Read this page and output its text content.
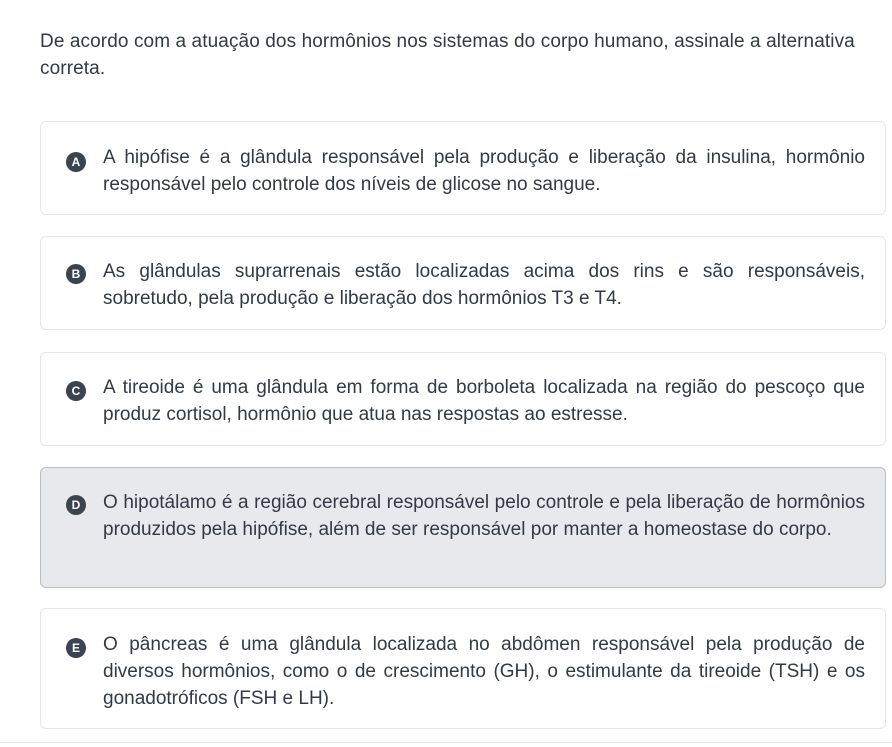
De acordo com a atuação dos hormônios nos sistemas do corpo humano, assinale a alternativa correta.

A A hipófise é a glândula responsável pela produção e liberação da insulina, hormônio responsável pelo controle dos níveis de glicose no sangue.
B As glândulas suprarrenais estão localizadas acima dos rins e são responsáveis, sobretudo, pela produção e liberação dos hormônios T3 e T4.
C A tireoide é uma glândula em forma de borboleta localizada na região do pescoço que produz cortisol, hormônio que atua nas respostas ao estresse.
D O hipotálamo é a região cerebral responsável pelo controle e pela liberação de hormônios produzidos pela hipófise, além de ser responsável por manter a homeostase do corpo.
E	O pâncreas é uma glândula localizada no abdômen responsável pela produção de diversos hormônios, como o de crescimento (GH), o estimulante da tireoide (TSH) e os gonadotróficos (FSH e LH).
